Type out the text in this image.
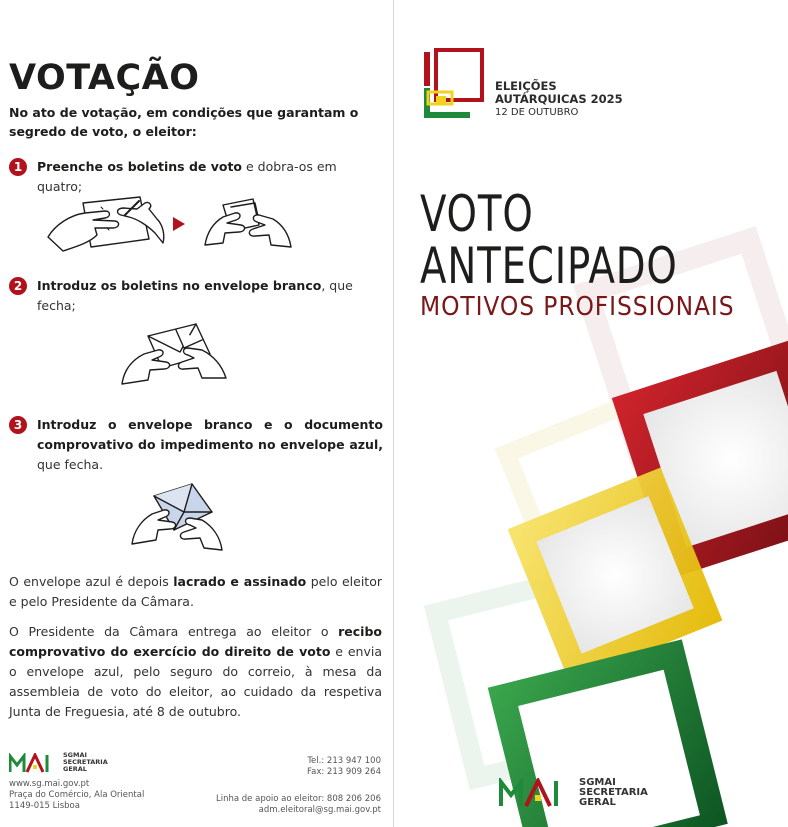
VOTAÇÃO
No ato de votação, em condições que garantam o segredo de voto, o eleitor:
1	Preenche os boletins de voto e dobra-os em quatro;
2	Introduz os boletins no envelope branco, que fecha;
3	Introduz o envelope branco e o documento comprovativo do impedimento no envelope azul, que fecha.
O envelope azul é depois lacrado e assinado pelo eleitor e pelo Presidente da Câmara.
O Presidente da Câmara entrega ao eleitor o recibo comprovativo do exercício do direito de voto e envia o envelope azul, pelo seguro do correio, à mesa da assembleia de voto do eleitor, ao cuidado da respetiva Junta de Freguesia, até 8 de outubro.
SGMAI
SECRETARIA
GERAL
www.sg.mai.gov.pt
Praça do Comércio, Ala Oriental
1149-015 Lisboa
Tel.: 213 947 100
Fax: 213 909 264
Linha de apoio ao eleitor: 808 206 206
adm.eleitoral@sg.mai.gov.pt
ELEIÇÕES
AUTÁRQUICAS 2025
12 DE OUTUBRO
VOTO
ANTECIPADO
MOTIVOS PROFISSIONAIS
SGMAI
SECRETARIA
GERAL
